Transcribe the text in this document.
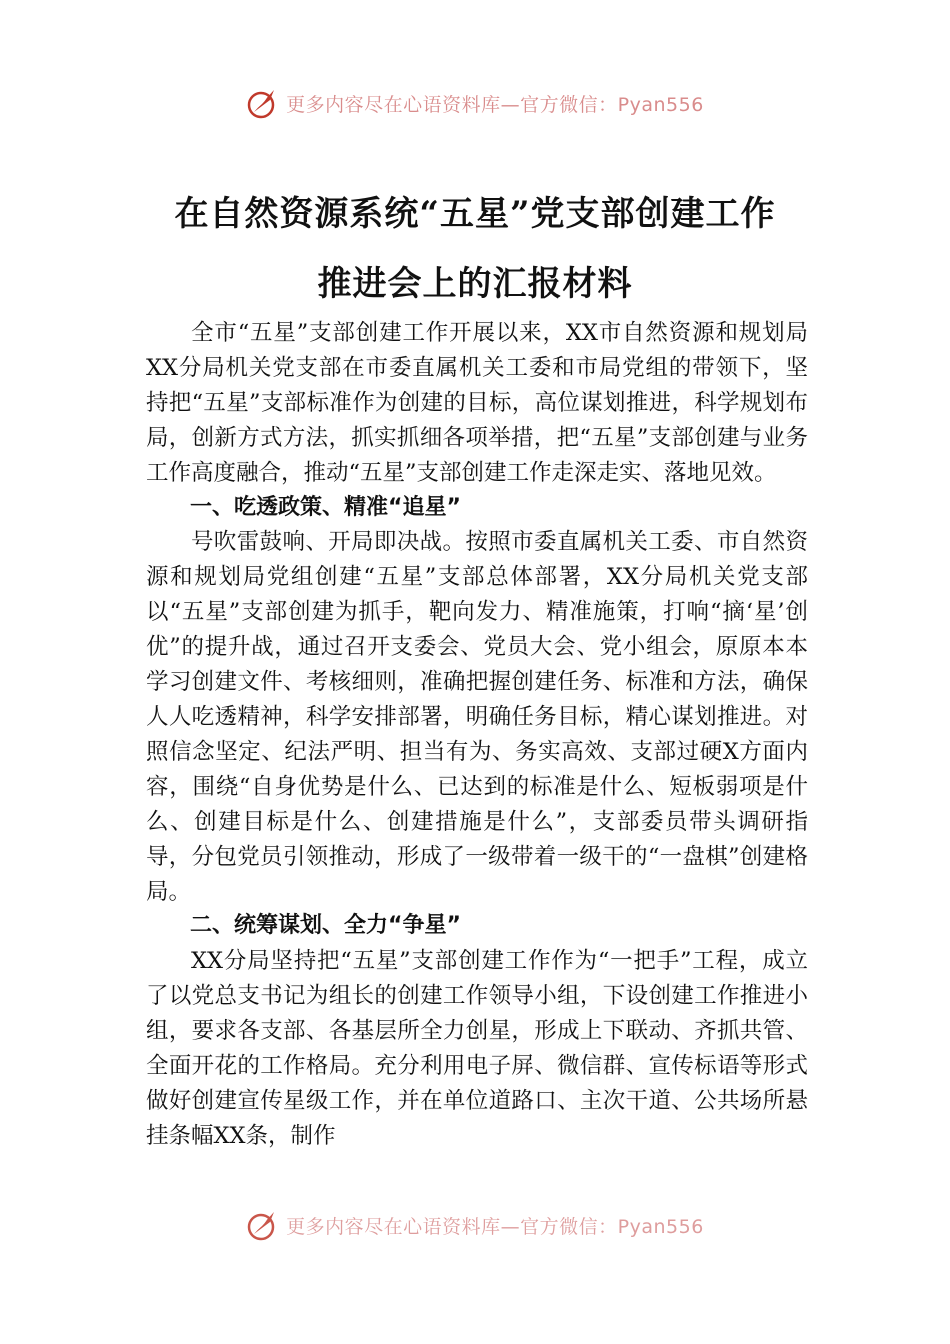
更多内容尽在心语资料库—官方微信：Pyan556
在自然资源系统“五星”党支部创建工作
推进会上的汇报材料

全市“五星”支部创建工作开展以来，XX市自然资源和规划局XX分局机关党支部在市委直属机关工委和市局党组的带领下，坚持把“五星”支部标准作为创建的目标，高位谋划推进，科学规划布局，创新方式方法，抓实抓细各项举措，把“五星”支部创建与业务工作高度融合，推动“五星”支部创建工作走深走实、落地见效。

一、吃透政策、精准“追星”

号吹雷鼓响、开局即决战。按照市委直属机关工委、市自然资源和规划局党组创建“五星”支部总体部署，XX分局机关党支部以“五星”支部创建为抓手，靶向发力、精准施策，打响“摘‘星’创优”的提升战，通过召开支委会、党员大会、党小组会，原原本本学习创建文件、考核细则，准确把握创建任务、标准和方法，确保人人吃透精神，科学安排部署，明确任务目标，精心谋划推进。对照信念坚定、纪法严明、担当有为、务实高效、支部过硬X方面内容，围绕“自身优势是什么、已达到的标准是什么、短板弱项是什么、创建目标是什么、创建措施是什么”，支部委员带头调研指导，分包党员引领推动，形成了一级带着一级干的“一盘棋”创建格局。

二、统筹谋划、全力“争星”

XX分局坚持把“五星”支部创建工作作为“一把手”工程，成立了以党总支书记为组长的创建工作领导小组，下设创建工作推进小组，要求各支部、各基层所全力创星，形成上下联动、齐抓共管、全面开花的工作格局。充分利用电子屏、微信群、宣传标语等形式做好创建宣传星级工作，并在单位道路口、主次干道、公共场所悬挂条幅XX条，制作

更多内容尽在心语资料库—官方微信：Pyan556
